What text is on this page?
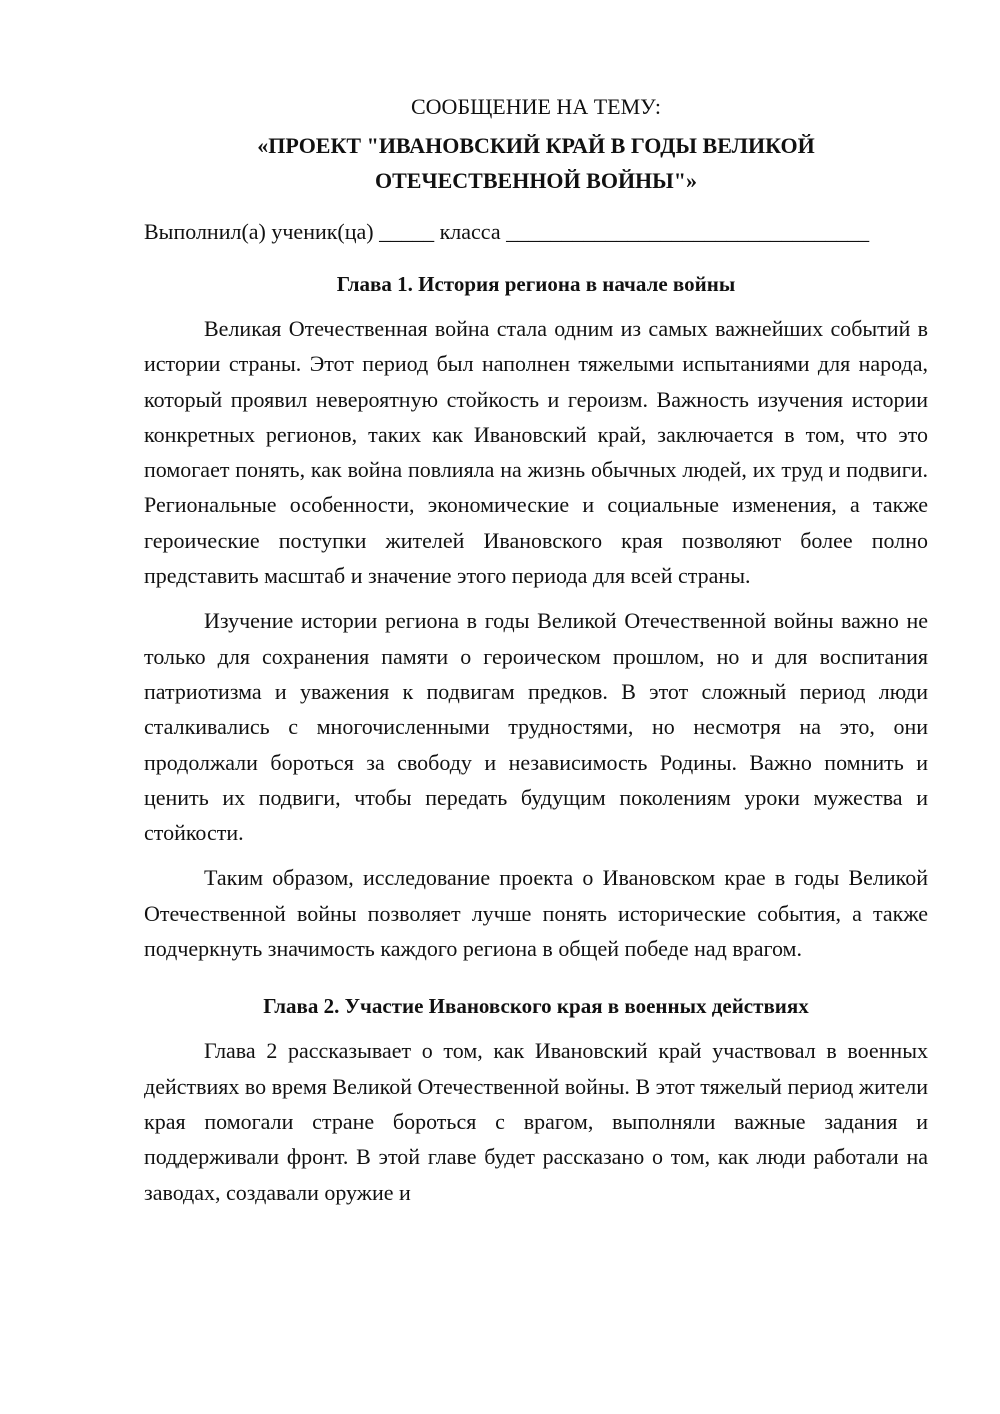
СООБЩЕНИЕ НА ТЕМУ:
«ПРОЕКТ "ИВАНОВСКИЙ КРАЙ В ГОДЫ ВЕЛИКОЙ
ОТЕЧЕСТВЕННОЙ ВОЙНЫ"»
Выполнил(а) ученик(ца) _____ класса _________________________________
Глава 1. История региона в начале войны

Великая Отечественная война стала одним из самых важнейших событий в истории страны. Этот период был наполнен тяжелыми испытаниями для народа, который проявил невероятную стойкость и героизм. Важность изучения истории конкретных регионов, таких как Ивановский край, заключается в том, что это помогает понять, как война повлияла на жизнь обычных людей, их труд и подвиги. Региональные особенности, экономические и социальные изменения, а также героические поступки жителей Ивановского края позволяют более полно представить масштаб и значение этого периода для всей страны.

Изучение истории региона в годы Великой Отечественной войны важно не только для сохранения памяти о героическом прошлом, но и для воспитания патриотизма и уважения к подвигам предков. В этот сложный период люди сталкивались с многочисленными трудностями, но несмотря на это, они продолжали бороться за свободу и независимость Родины. Важно помнить и ценить их подвиги, чтобы передать будущим поколениям уроки мужества и стойкости.

Таким образом, исследование проекта о Ивановском крае в годы Великой Отечественной войны позволяет лучше понять исторические события, а также подчеркнуть значимость каждого региона в общей победе над врагом.

Глава 2. Участие Ивановского края в военных действиях

Глава 2 рассказывает о том, как Ивановский край участвовал в военных действиях во время Великой Отечественной войны. В этот тяжелый период жители края помогали стране бороться с врагом, выполняли важные задания и поддерживали фронт. В этой главе будет рассказано о том, как люди работали на заводах, создавали оружие и
